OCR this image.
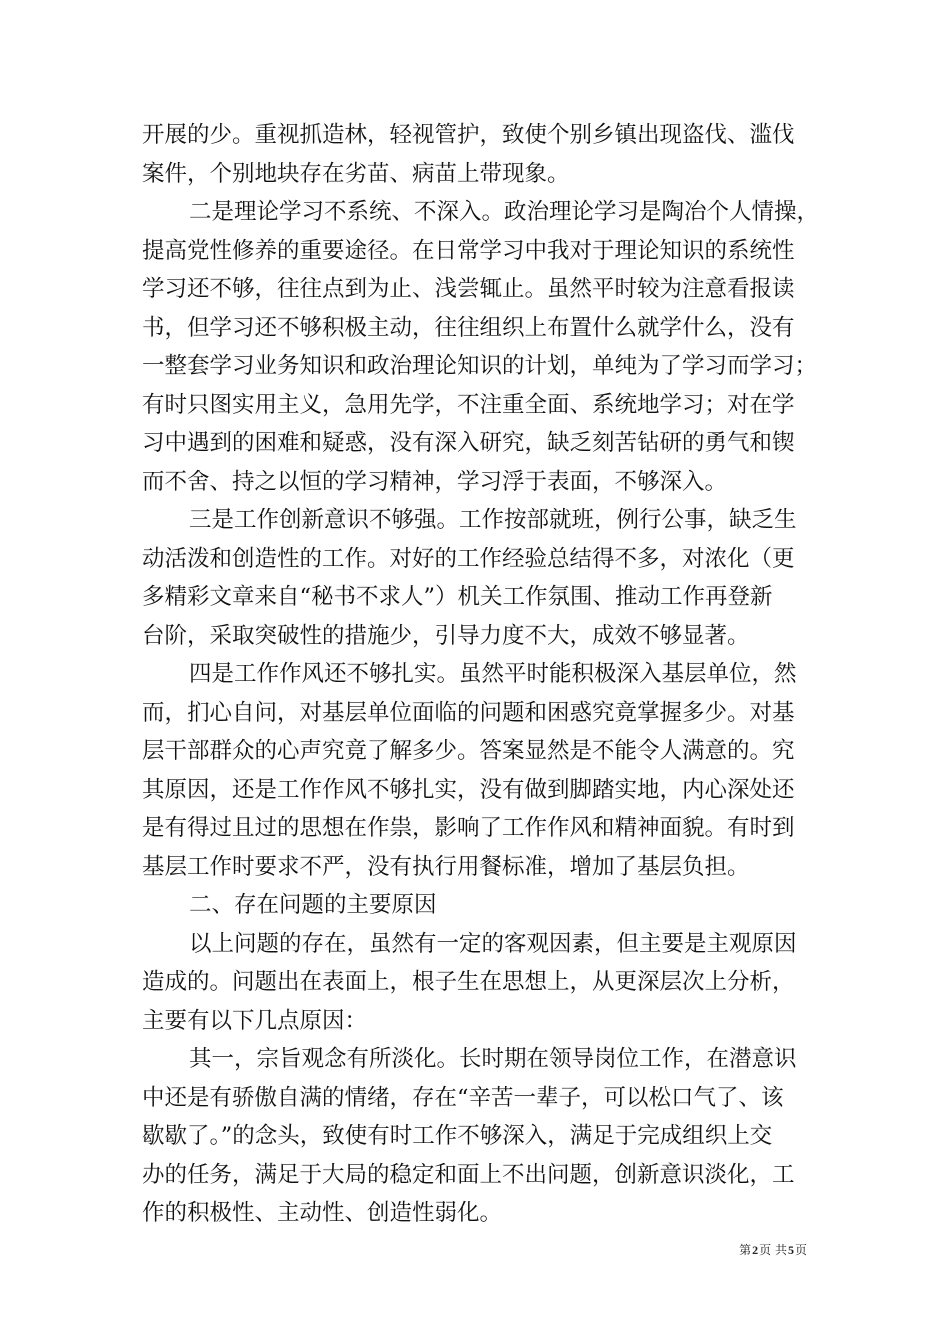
开展的少。重视抓造林，轻视管护，致使个别乡镇出现盗伐、滥伐
案件，个别地块存在劣苗、病苗上带现象。
二是理论学习不系统、不深入。政治理论学习是陶冶个人情操，
提高党性修养的重要途径。在日常学习中我对于理论知识的系统性
学习还不够，往往点到为止、浅尝辄止。虽然平时较为注意看报读
书，但学习还不够积极主动，往往组织上布置什么就学什么，没有
一整套学习业务知识和政治理论知识的计划，单纯为了学习而学习；
有时只图实用主义，急用先学，不注重全面、系统地学习；对在学
习中遇到的困难和疑惑，没有深入研究，缺乏刻苦钻研的勇气和锲
而不舍、持之以恒的学习精神，学习浮于表面，不够深入。
三是工作创新意识不够强。工作按部就班，例行公事，缺乏生
动活泼和创造性的工作。对好的工作经验总结得不多，对浓化（更
多精彩文章来自“秘书不求人”）机关工作氛围、推动工作再登新
台阶，采取突破性的措施少，引导力度不大，成效不够显著。
四是工作作风还不够扎实。虽然平时能积极深入基层单位，然
而，扪心自问，对基层单位面临的问题和困惑究竟掌握多少。对基
层干部群众的心声究竟了解多少。答案显然是不能令人满意的。究
其原因，还是工作作风不够扎实，没有做到脚踏实地，内心深处还
是有得过且过的思想在作祟，影响了工作作风和精神面貌。有时到
基层工作时要求不严，没有执行用餐标准，增加了基层负担。
二、存在问题的主要原因
以上问题的存在，虽然有一定的客观因素，但主要是主观原因
造成的。问题出在表面上，根子生在思想上，从更深层次上分析，
主要有以下几点原因：
其一，宗旨观念有所淡化。长时期在领导岗位工作，在潜意识
中还是有骄傲自满的情绪，存在“辛苦一辈子，可以松口气了、该
歇歇了。”的念头，致使有时工作不够深入，满足于完成组织上交
办的任务，满足于大局的稳定和面上不出问题，创新意识淡化，工
作的积极性、主动性、创造性弱化。
第2页 共5页
